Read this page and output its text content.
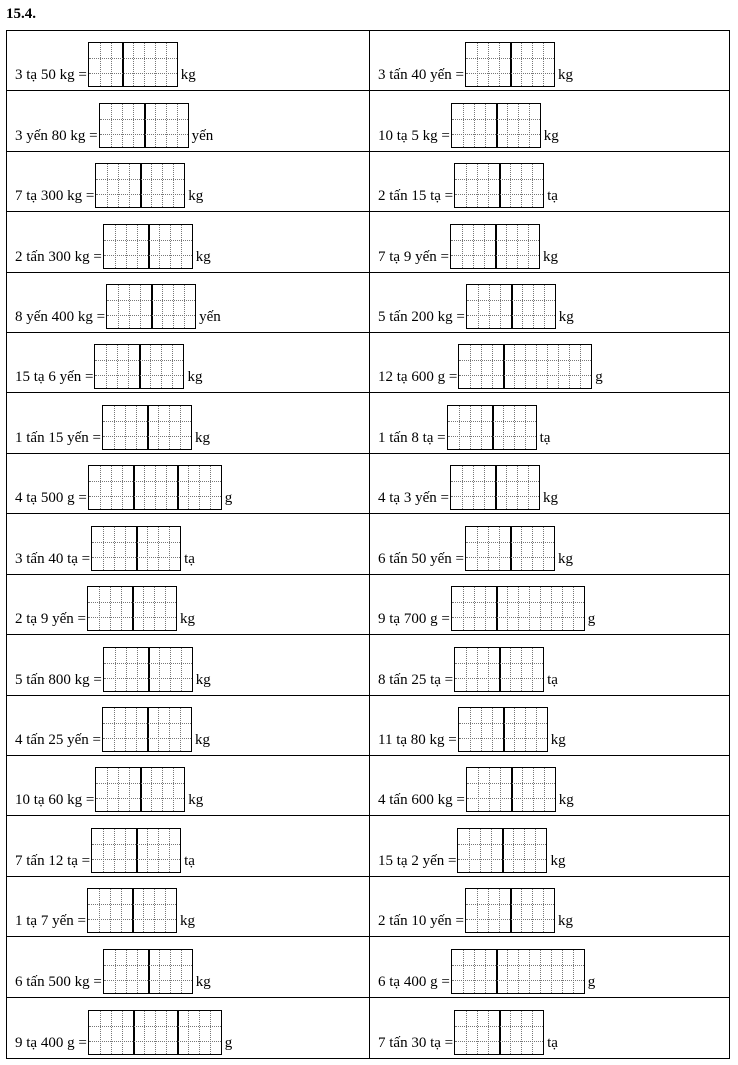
15.4.
3 tạ 50 kg =	kg	3 tấn 40 yến =	kg
3 yến 80 kg =	yến	10 tạ 5 kg =	kg
7 tạ 300 kg =	kg	2 tấn 15 tạ =	tạ
2 tấn 300 kg =	kg	7 tạ 9 yến =	kg
8 yến 400 kg =	yến	5 tấn 200 kg =	kg
15 tạ 6 yến =	kg	12 tạ 600 g =	g
1 tấn 15 yến =	kg	1 tấn 8 tạ =	tạ
4 tạ 500 g =	g	4 tạ 3 yến =	kg
3 tấn 40 tạ =	tạ	6 tấn 50 yến =	kg
2 tạ 9 yến =	kg	9 tạ 700 g =	g
5 tấn 800 kg =	kg	8 tấn 25 tạ =	tạ
4 tấn 25 yến =	kg	11 tạ 80 kg =	kg
10 tạ 60 kg =	kg	4 tấn 600 kg =	kg
7 tấn 12 tạ =	tạ	15 tạ 2 yến =	kg
1 tạ 7 yến =	kg	2 tấn 10 yến =	kg
6 tấn 500 kg =	kg	6 tạ 400 g =	g
9 tạ 400 g =	g	7 tấn 30 tạ =	tạ
